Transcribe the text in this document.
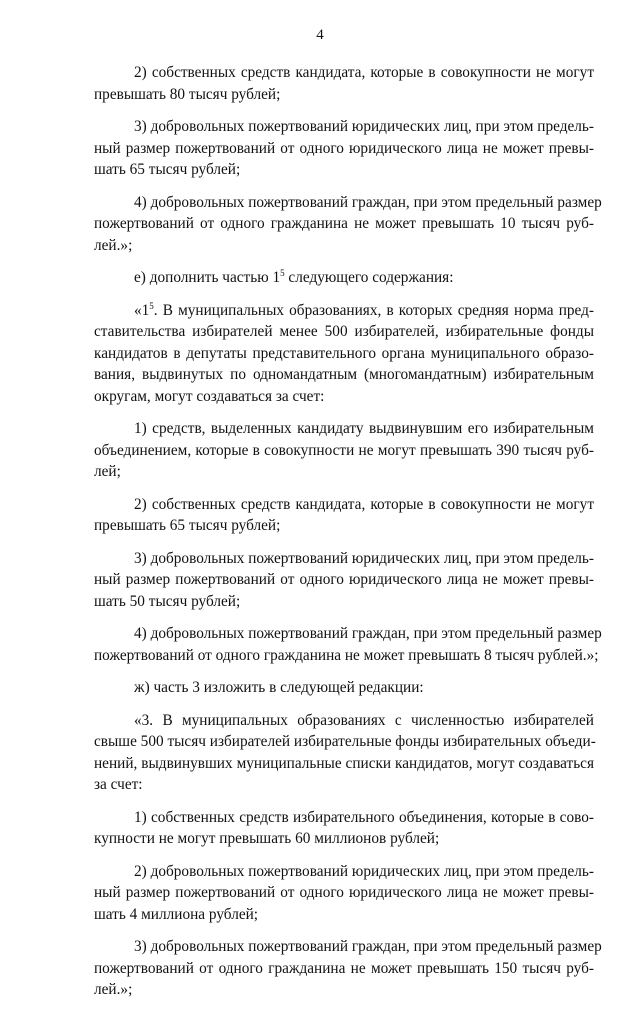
4

2) собственных средств кандидата, которые в совокупности не могут
превышать 80 тысяч рублей;

3) добровольных пожертвований юридических лиц, при этом предель-
ный размер пожертвований от одного юридического лица не может превы-
шать 65 тысяч рублей;

4) добровольных пожертвований граждан, при этом предельный размер
пожертвований от одного гражданина не может превышать 10 тысяч руб-
лей.»;

е) дополнить частью $1^5$ следующего содержания:

«$1^5$. В муниципальных образованиях, в которых средняя норма пред-
ставительства избирателей менее 500 избирателей, избирательные фонды
кандидатов в депутаты представительного органа муниципального образо-
вания, выдвинутых по одномандатным (многомандатным) избирательным
округам, могут создаваться за счет:

1) средств, выделенных кандидату выдвинувшим его избирательным
объединением, которые в совокупности не могут превышать 390 тысяч руб-
лей;

2) собственных средств кандидата, которые в совокупности не могут
превышать 65 тысяч рублей;

3) добровольных пожертвований юридических лиц, при этом предель-
ный размер пожертвований от одного юридического лица не может превы-
шать 50 тысяч рублей;

4) добровольных пожертвований граждан, при этом предельный размер
пожертвований от одного гражданина не может превышать 8 тысяч рублей.»;

ж) часть 3 изложить в следующей редакции:

«3. В муниципальных образованиях с численностью избирателей
свыше 500 тысяч избирателей избирательные фонды избирательных объеди-
нений, выдвинувших муниципальные списки кандидатов, могут создаваться
за счет:

1) собственных средств избирательного объединения, которые в сово-
купности не могут превышать 60 миллионов рублей;

2) добровольных пожертвований юридических лиц, при этом предель-
ный размер пожертвований от одного юридического лица не может превы-
шать 4 миллиона рублей;

3) добровольных пожертвований граждан, при этом предельный размер
пожертвований от одного гражданина не может превышать 150 тысяч руб-
лей.»;
